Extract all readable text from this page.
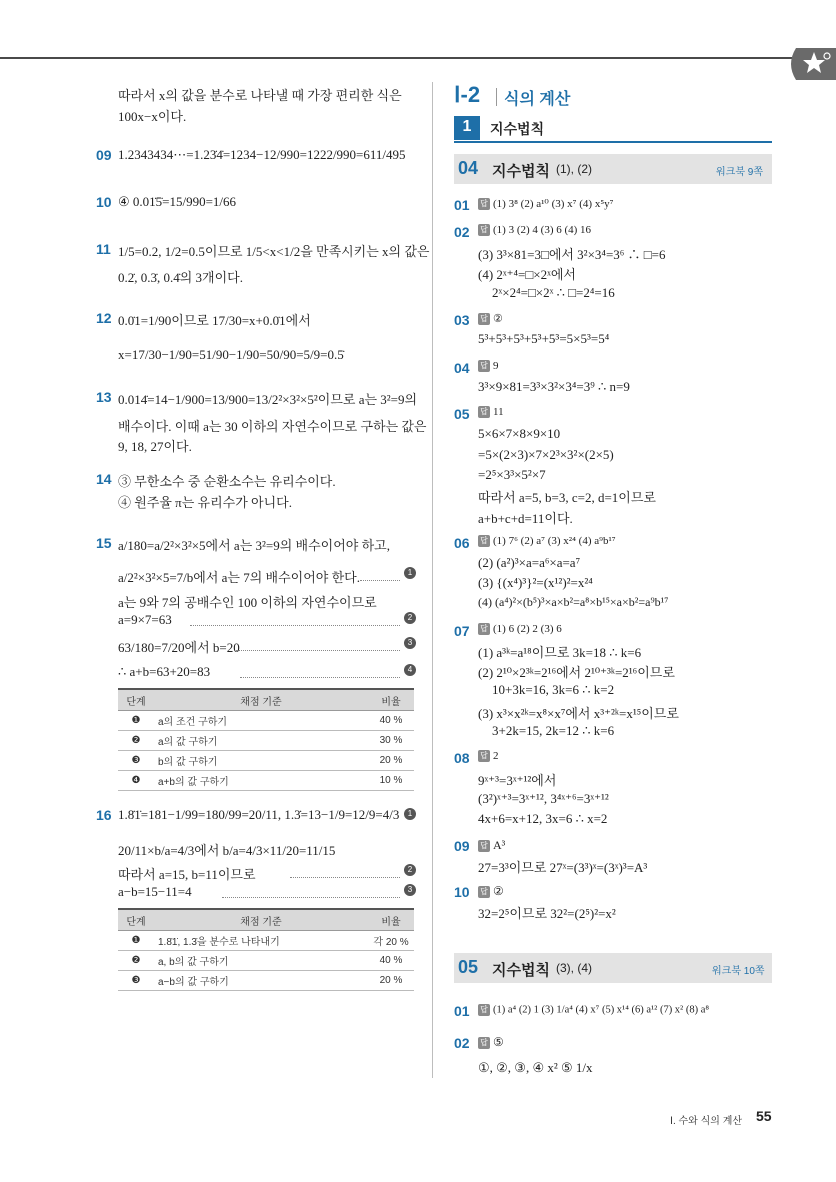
따라서 x의 값을 분수로 나타낼 때 가장 편리한 식은
100x−x이다.
09 1.2343434⋯=1.23̇4̇=1234−12/990=1222/990=611/495
10 ④ 0.01̇5̇=15/990=1/66
11 1/5=0.2, 1/2=0.5이므로 1/5<x<1/2을 만족시키는 x의 값은
0.2̇, 0.3̇, 0.4̇의 3개이다.
12 0.0̇1=1/90이므로 17/30=x+0.0̇1에서
x=17/30−1/90=51/90−1/90=50/90=5/9=0.5̇
13 0.014̇=14−1/900=13/900=13/2²×3²×5²이므로 a는 3²=9의
배수이다. 이때 a는 30 이하의 자연수이므로 구하는 값은
9, 18, 27이다.
14 ③ 무한소수 중 순환소수는 유리수이다.
④ 원주율 π는 유리수가 아니다.
15 a/180=a/2²×3²×5에서 a는 3²=9의 배수이어야 하고,
a/2²×3²×5=7/b에서 a는 7의 배수이어야 한다.	1
a는 9와 7의 공배수인 100 이하의 자연수이므로
a=9×7=63	2
63/180=7/20에서 b=20	3
∴ a+b=63+20=83	4
단계	채점 기준	비율
❶	a의 조건 구하기	40 %
❷	a의 값 구하기	30 %
❸	b의 값 구하기	20 %
❹	a+b의 값 구하기	10 %
16 1.8̇1̇=181−1/99=180/99=20/11, 1.3̇=13−1/9=12/9=4/3	1
20/11×b/a=4/3에서 b/a=4/3×11/20=11/15
따라서 a=15, b=11이므로	2
a−b=15−11=4	3
단계	채점 기준	비율
❶	1.8̇1̇, 1.3̇을 분수로 나타내기	각 20 %
❷	a, b의 값 구하기	40 %
❸	a−b의 값 구하기	20 %
Ⅰ-2 식의 계산
1	지수법칙
04 지수법칙 (1), (2)	워크북 9쪽
01 답 (1) 3⁸ (2) a¹⁰ (3) x⁷ (4) x⁵y⁷
02 답 (1) 3 (2) 4 (3) 6 (4) 16
(3) 3³×81=3□에서 3²×3⁴=3⁶ ∴ □=6
(4) 2ˣ⁺⁴=□×2ˣ에서
2ˣ×2⁴=□×2ˣ ∴ □=2⁴=16
03 답 ②
5³+5³+5³+5³+5³=5×5³=5⁴
04 답 9
3³×9×81=3³×3²×3⁴=3⁹ ∴ n=9
05 답 11
5×6×7×8×9×10
=5×(2×3)×7×2³×3²×(2×5)
=2⁵×3³×5²×7
따라서 a=5, b=3, c=2, d=1이므로
a+b+c+d=11이다.
06 답 (1) 7⁶ (2) a⁷ (3) x²⁴ (4) a⁹b¹⁷
(2) (a²)³×a=a⁶×a=a⁷
(3) {(x⁴)³}²=(x¹²)²=x²⁴
(4) (a⁴)²×(b⁵)³×a×b²=a⁸×b¹⁵×a×b²=a⁹b¹⁷
07 답 (1) 6 (2) 2 (3) 6
(1) a³ᵏ=a¹⁸이므로 3k=18 ∴ k=6
(2) 2¹⁰×2³ᵏ=2¹⁶에서 2¹⁰⁺³ᵏ=2¹⁶이므로
10+3k=16, 3k=6 ∴ k=2
(3) x³×x²ᵏ=x⁸×x⁷에서 x³⁺²ᵏ=x¹⁵이므로
3+2k=15, 2k=12 ∴ k=6
08 답 2
9ˣ⁺³=3ˣ⁺¹²에서
(3²)ˣ⁺³=3ˣ⁺¹², 3⁴ˣ⁺⁶=3ˣ⁺¹²
4x+6=x+12, 3x=6 ∴ x=2
09 답 A³
27=3³이므로 27ˣ=(3³)ˣ=(3ˣ)³=A³
10 답 ②
32=2⁵이므로 32²=(2⁵)²=x²
05 지수법칙 (3), (4)	워크북 10쪽
01 답 (1) a⁴ (2) 1 (3) 1/a⁴ (4) x⁷ (5) x¹⁴ (6) a¹² (7) x² (8) a⁸
02 답 ⑤
①, ②, ③, ④ x² ⑤ 1/x
Ⅰ. 수와 식의 계산 55
